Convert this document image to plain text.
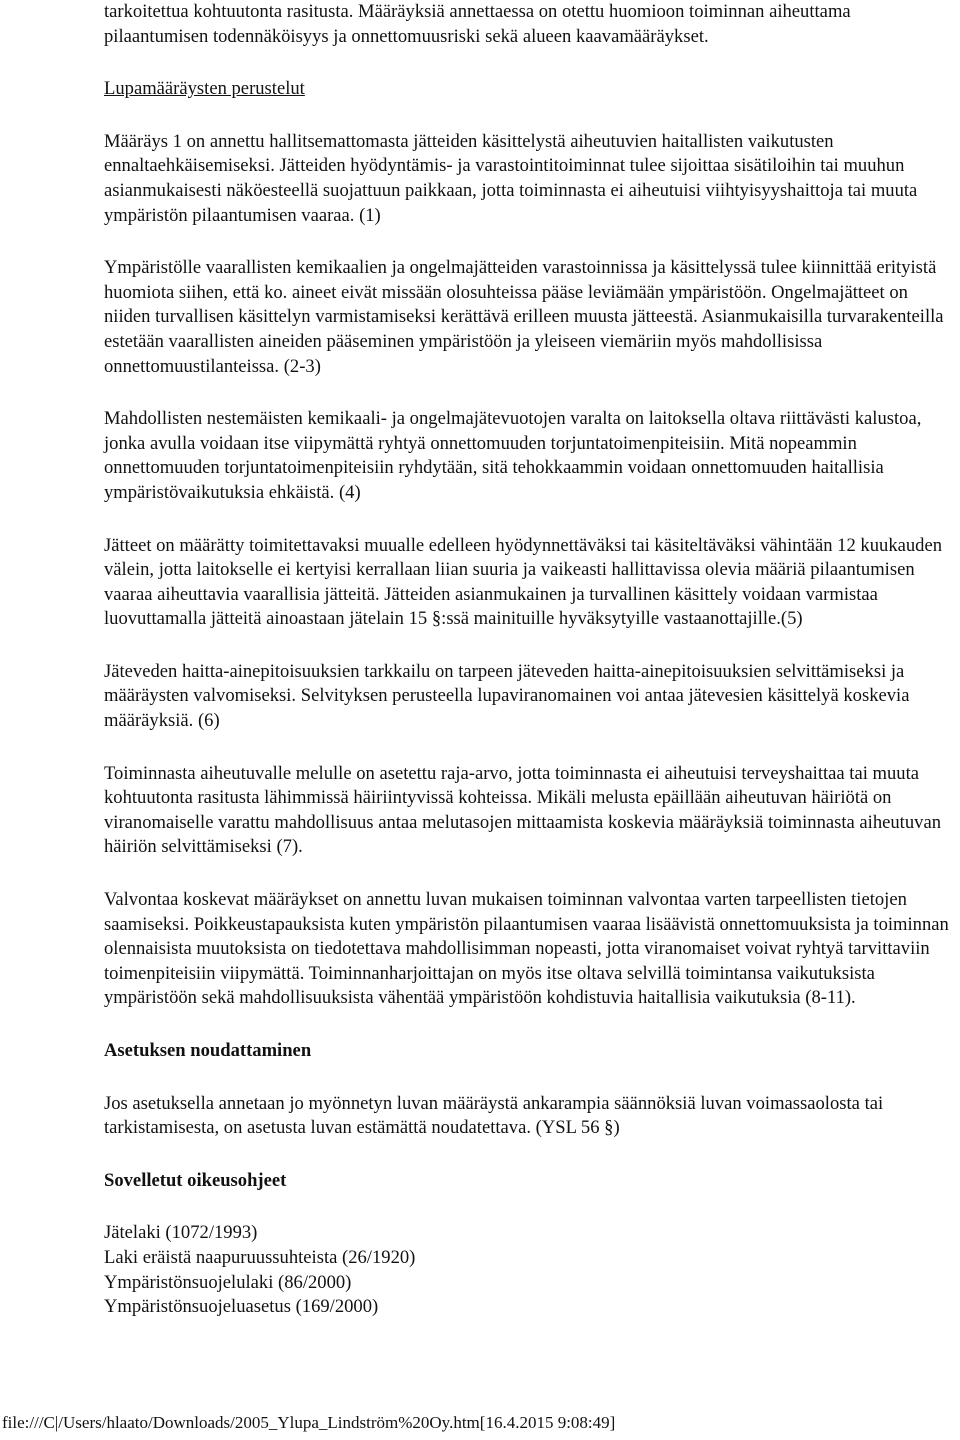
tarkoitettua kohtuutonta rasitusta. Määräyksiä annettaessa on otettu huomioon toiminnan aiheuttama pilaantumisen todennäköisyys ja onnettomuusriski sekä alueen kaavamääräykset.

Lupamääräysten perustelut

Määräys 1 on annettu hallitsemattomasta jätteiden käsittelystä aiheutuvien haitallisten vaikutusten ennaltaehkäisemiseksi. Jätteiden hyödyntämis- ja varastointitoiminnat tulee sijoittaa sisätiloihin tai muuhun asianmukaisesti näköesteellä suojattuun paikkaan, jotta toiminnasta ei aiheutuisi viihtyisyyshaittoja tai muuta ympäristön pilaantumisen vaaraa. (1)

Ympäristölle vaarallisten kemikaalien ja ongelmajätteiden varastoinnissa ja käsittelyssä tulee kiinnittää erityistä huomiota siihen, että ko. aineet eivät missään olosuhteissa pääse leviämään ympäristöön. Ongelmajätteet on niiden turvallisen käsittelyn varmistamiseksi kerättävä erilleen muusta jätteestä. Asianmukaisilla turvarakenteilla estetään vaarallisten aineiden pääseminen ympäristöön ja yleiseen viemäriin myös mahdollisissa onnettomuustilanteissa. (2-3)

Mahdollisten nestemäisten kemikaali- ja ongelmajätevuotojen varalta on laitoksella oltava riittävästi kalustoa, jonka avulla voidaan itse viipymättä ryhtyä onnettomuuden torjuntatoimenpiteisiin. Mitä nopeammin onnettomuuden torjuntatoimenpiteisiin ryhdytään, sitä tehokkaammin voidaan onnettomuuden haitallisia ympäristövaikutuksia ehkäistä. (4)

Jätteet on määrätty toimitettavaksi muualle edelleen hyödynnettäväksi tai käsiteltäväksi vähintään 12 kuukauden välein, jotta laitokselle ei kertyisi kerrallaan liian suuria ja vaikeasti hallittavissa olevia määriä pilaantumisen vaaraa aiheuttavia vaarallisia jätteitä. Jätteiden asianmukainen ja turvallinen käsittely voidaan varmistaa luovuttamalla jätteitä ainoastaan jätelain 15 §:ssä mainituille hyväksytyille vastaanottajille.(5)

Jäteveden haitta-ainepitoisuuksien tarkkailu on tarpeen jäteveden haitta-ainepitoisuuksien selvittämiseksi ja määräysten valvomiseksi. Selvityksen perusteella lupaviranomainen voi antaa jätevesien käsittelyä koskevia määräyksiä. (6)

Toiminnasta aiheutuvalle melulle on asetettu raja-arvo, jotta toiminnasta ei aiheutuisi terveyshaittaa tai muuta kohtuutonta rasitusta lähimmissä häiriintyvissä kohteissa. Mikäli melusta epäillään aiheutuvan häiriötä on viranomaiselle varattu mahdollisuus antaa melutasojen mittaamista koskevia määräyksiä toiminnasta aiheutuvan häiriön selvittämiseksi (7).

Valvontaa koskevat määräykset on annettu luvan mukaisen toiminnan valvontaa varten tarpeellisten tietojen saamiseksi. Poikkeustapauksista kuten ympäristön pilaantumisen vaaraa lisäävistä onnettomuuksista ja toiminnan olennaisista muutoksista on tiedotettava mahdollisimman nopeasti, jotta viranomaiset voivat ryhtyä tarvittaviin toimenpiteisiin viipymättä. Toiminnanharjoittajan on myös itse oltava selvillä toimintansa vaikutuksista ympäristöön sekä mahdollisuuksista vähentää ympäristöön kohdistuvia haitallisia vaikutuksia (8-11).

Asetuksen noudattaminen

Jos asetuksella annetaan jo myönnetyn luvan määräystä ankarampia säännöksiä luvan voimassaolosta tai tarkistamisesta, on asetusta luvan estämättä noudatettava. (YSL 56 §)

Sovelletut oikeusohjeet

Jätelaki (1072/1993)
Laki eräistä naapuruussuhteista (26/1920)
Ympäristönsuojelulaki (86/2000)
Ympäristönsuojeluasetus (169/2000)

file:///C|/Users/hlaato/Downloads/2005_Ylupa_Lindström%20Oy.htm[16.4.2015 9:08:49]
